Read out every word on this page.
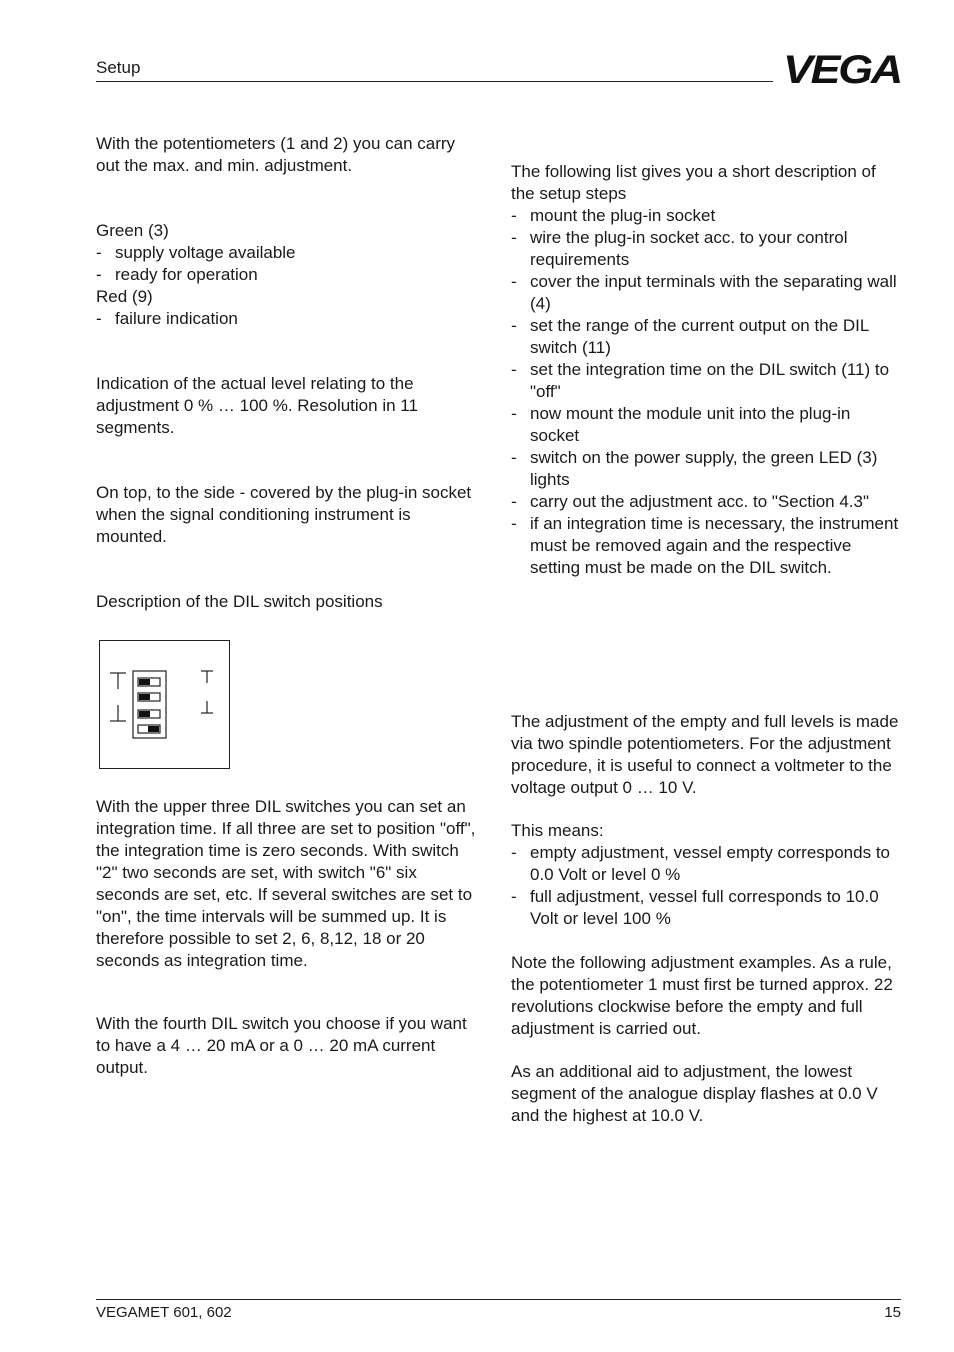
Setup	VEGA

With the potentiometers (1 and 2) you can carry out the max. and min. adjustment.

Green (3)

- supply voltage available
- ready for operation

Red (9)

- failure indication

Indication of the actual level relating to the adjustment 0 % … 100 %. Resolution in 11 segments.

On top, to the side - covered by the plug-in socket when the signal conditioning instrument is mounted.

Description of the DIL switch positions

With the upper three DIL switches you can set an integration time. If all three are set to position "off", the integration time is zero seconds. With switch "2" two seconds are set, with switch "6" six seconds are set, etc. If several switches are set to "on", the time intervals will be summed up. It is therefore possible to set 2, 6, 8,12, 18 or 20 seconds as integration time.

With the fourth DIL switch you choose if you want to have a 4 … 20 mA or a 0 … 20 mA current output.

The following list gives you a short description of the setup steps

- mount the plug-in socket
- wire the plug-in socket acc. to your control requirements
- cover the input terminals with the separating wall (4)
- set the range of the current output on the DIL switch (11)
- set the integration time on the DIL switch (11) to "off"
- now mount the module unit into the plug-in socket
- switch on the power supply, the green LED (3) lights
- carry out the adjustment acc. to "Section 4.3"
- if an integration time is necessary, the instrument must be removed again and the respective setting must be made on the DIL switch.

The adjustment of the empty and full levels is made via two spindle potentiometers. For the adjustment procedure, it is useful to connect a voltmeter to the voltage output 0 … 10 V.

This means:

- empty adjustment, vessel empty corresponds to 0.0 Volt or level 0 %
- full adjustment, vessel full corresponds to 10.0 Volt or level 100 %

Note the following adjustment examples. As a rule, the potentiometer 1 must first be turned approx. 22 revolutions clockwise before the empty and full adjustment is carried out.

As an additional aid to adjustment, the lowest segment of the analogue display flashes at 0.0 V and the highest at 10.0 V.

VEGAMET 601, 602	15
